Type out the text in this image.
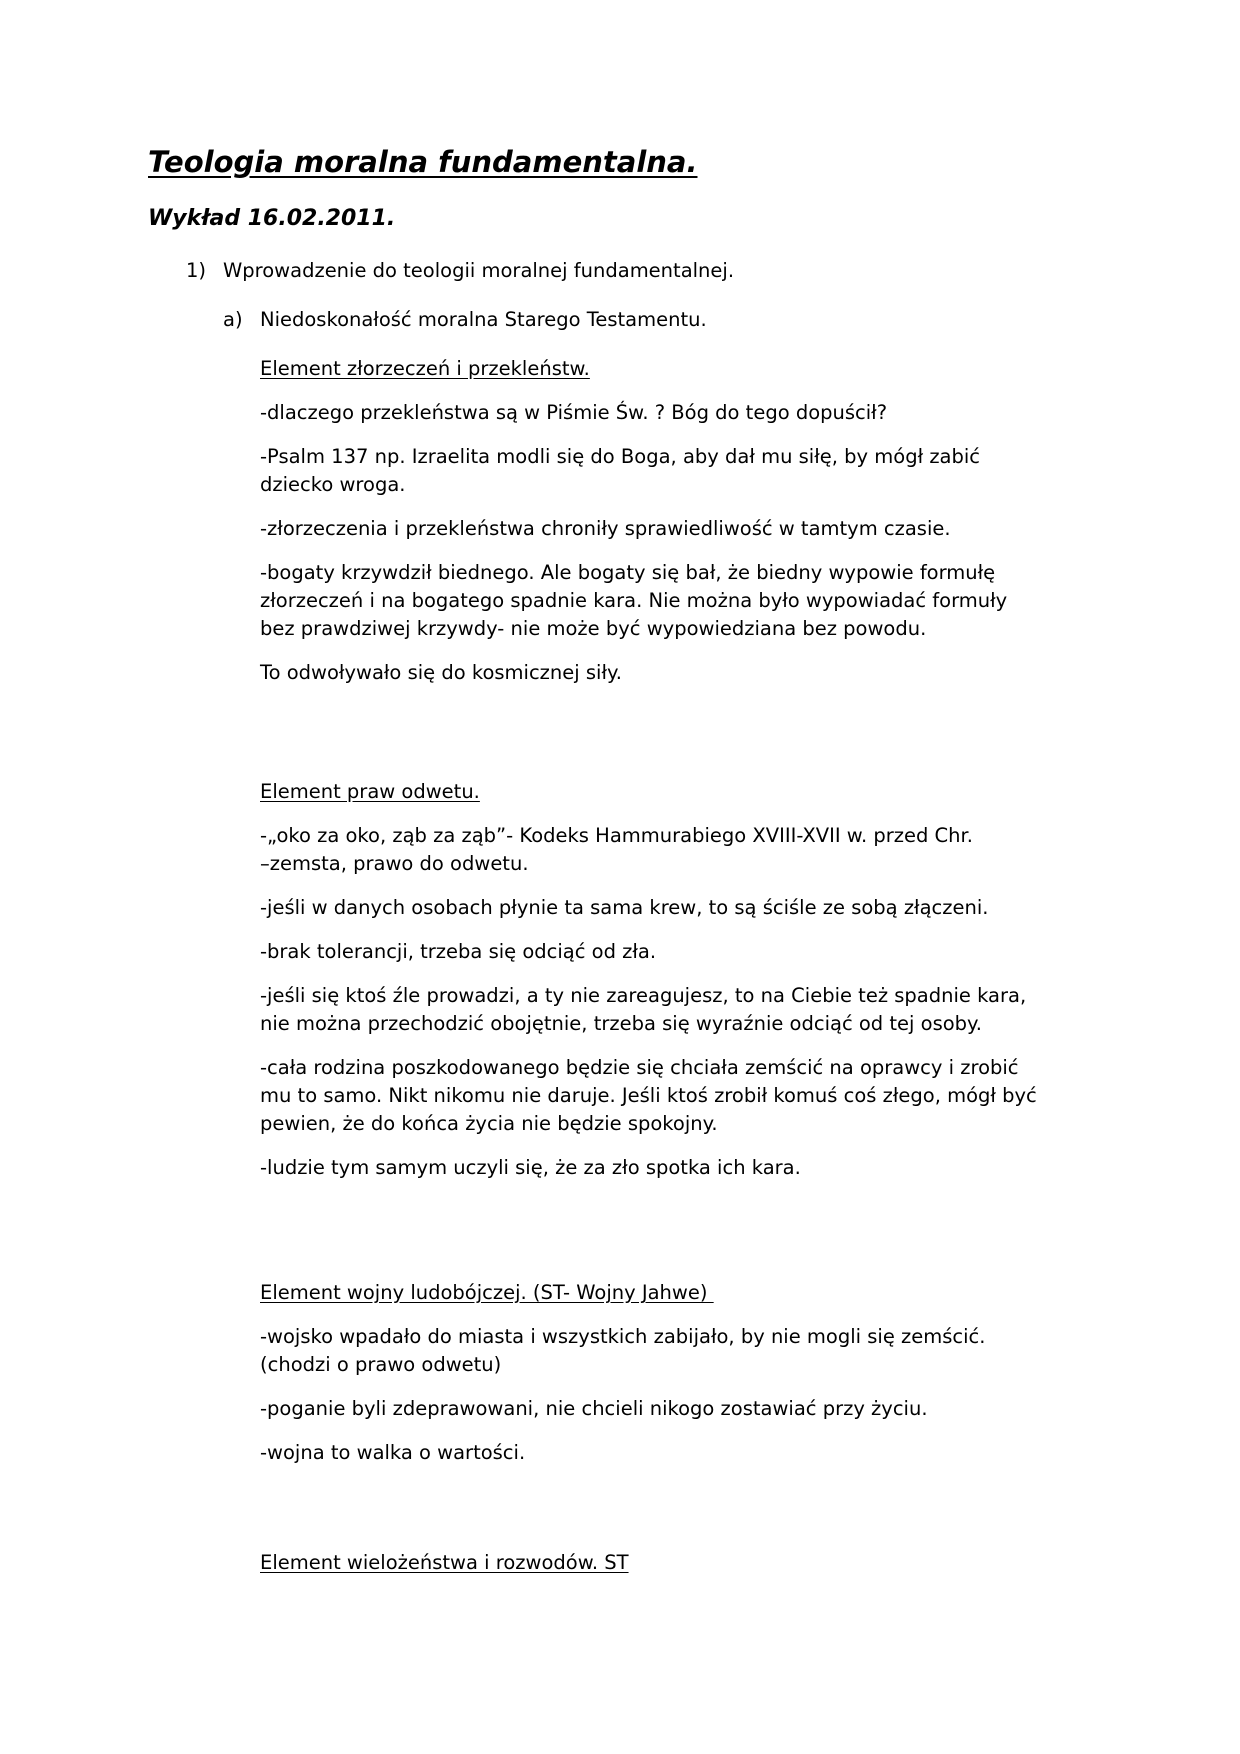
Teologia moralna fundamentalna.
Wykład 16.02.2011.
1) Wprowadzenie do teologii moralnej fundamentalnej.
a) Niedoskonałość moralna Starego Testamentu.
Element złorzeczeń i przekleństw.

-dlaczego przekleństwa są w Piśmie Św. ? Bóg do tego dopuścił?

-Psalm 137 np. Izraelita modli się do Boga, aby dał mu siłę, by mógł zabić
dziecko wroga.

-złorzeczenia i przekleństwa chroniły sprawiedliwość w tamtym czasie.

-bogaty krzywdził biednego. Ale bogaty się bał, że biedny wypowie formułę
złorzeczeń i na bogatego spadnie kara. Nie można było wypowiadać formuły
bez prawdziwej krzywdy- nie może być wypowiedziana bez powodu.

To odwoływało się do kosmicznej siły.

Element praw odwetu.

-„oko za oko, ząb za ząb”- Kodeks Hammurabiego XVIII-XVII w. przed Chr.
–zemsta, prawo do odwetu.

-jeśli w danych osobach płynie ta sama krew, to są ściśle ze sobą złączeni.

-brak tolerancji, trzeba się odciąć od zła.

-jeśli się ktoś źle prowadzi, a ty nie zareagujesz, to na Ciebie też spadnie kara,
nie można przechodzić obojętnie, trzeba się wyraźnie odciąć od tej osoby.

-cała rodzina poszkodowanego będzie się chciała zemścić na oprawcy i zrobić
mu to samo. Nikt nikomu nie daruje. Jeśli ktoś zrobił komuś coś złego, mógł być
pewien, że do końca życia nie będzie spokojny.

-ludzie tym samym uczyli się, że za zło spotka ich kara.

Element wojny ludobójczej. (ST- Wojny Jahwe)

-wojsko wpadało do miasta i wszystkich zabijało, by nie mogli się zemścić.
(chodzi o prawo odwetu)

-poganie byli zdeprawowani, nie chcieli nikogo zostawiać przy życiu.

-wojna to walka o wartości.

Element wielożeństwa i rozwodów. ST
